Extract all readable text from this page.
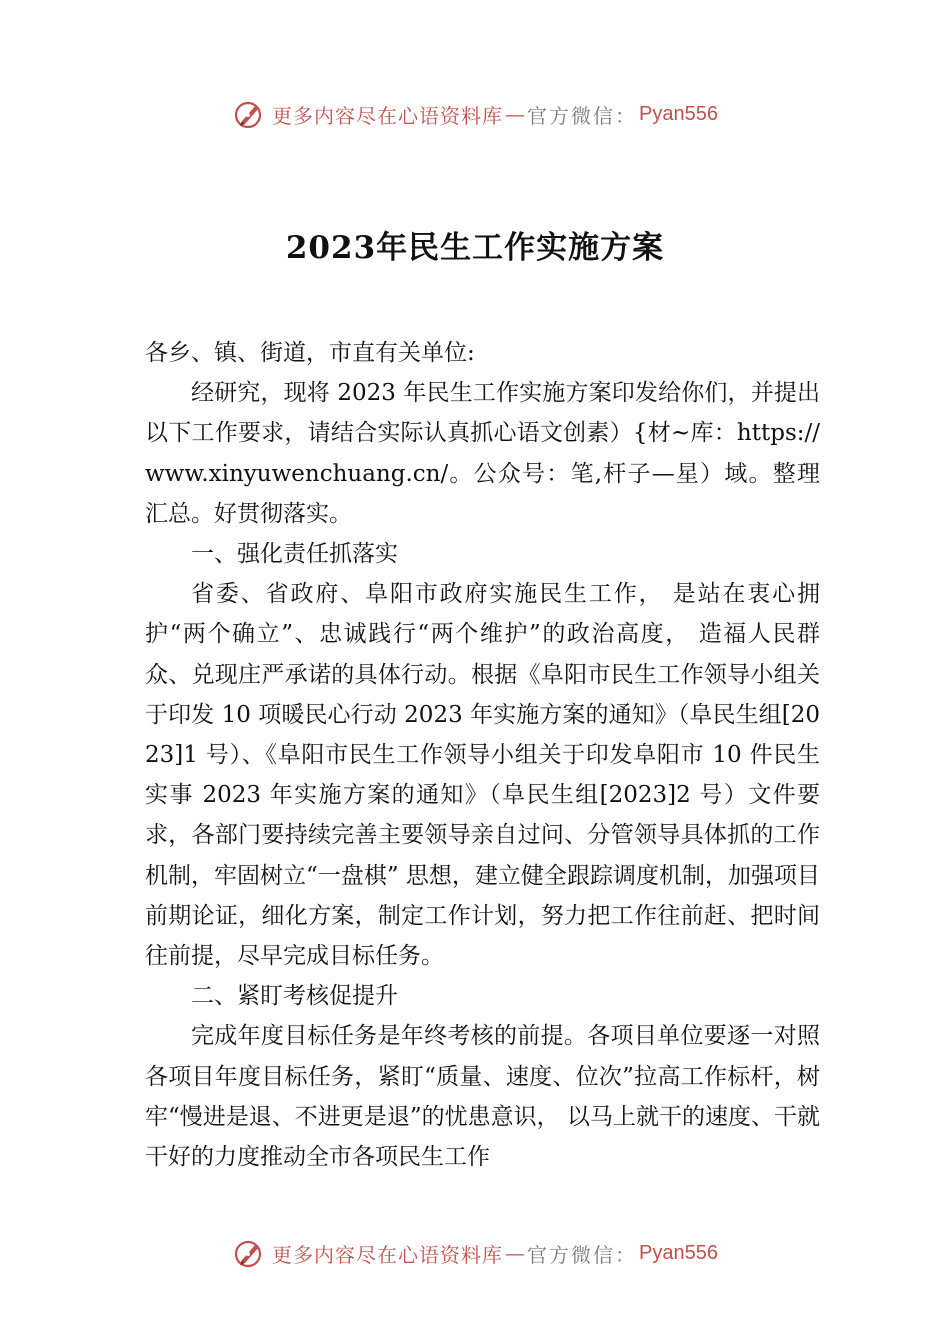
更多内容尽在心语资料库 — 官方微信： Pyan556
2023年民生工作实施方案

各乡、镇、街道，市直有关单位:

经研究，现将 2023 年民生工作实施方案印发给你们，并提出以下工作要求，请结合实际认真抓心语文创素）{材~库：https://www.xinyuwenchuang.cn/。公众号：笔,杆子—星）域。整理汇总。好贯彻落实。

一、强化责任抓落实

省委、省政府、阜阳市政府实施民生工作， 是站在衷心拥护“两个确立”、忠诚践行“两个维护”的政治高度， 造福人民群众、兑现庄严承诺的具体行动。根据《阜阳市民生工作领导小组关于印发 10 项暖民心行动 2023 年实施方案的通知》（阜民生组[2023]1 号）、《阜阳市民生工作领导小组关于印发阜阳市 10 件民生实事 2023 年实施方案的通知》（阜民生组[2023]2 号）文件要求，各部门要持续完善主要领导亲自过问、分管领导具体抓的工作机制，牢固树立“一盘棋” 思想，建立健全跟踪调度机制，加强项目前期论证，细化方案，制定工作计划，努力把工作往前赶、把时间往前提，尽早完成目标任务。

二、紧盯考核促提升

完成年度目标任务是年终考核的前提。各项目单位要逐一对照各项目年度目标任务，紧盯“质量、速度、位次”拉高工作标杆，树牢“慢进是退、不进更是退”的忧患意识， 以马上就干的速度、干就干好的力度推动全市各项民生工作

更多内容尽在心语资料库 — 官方微信： Pyan556
